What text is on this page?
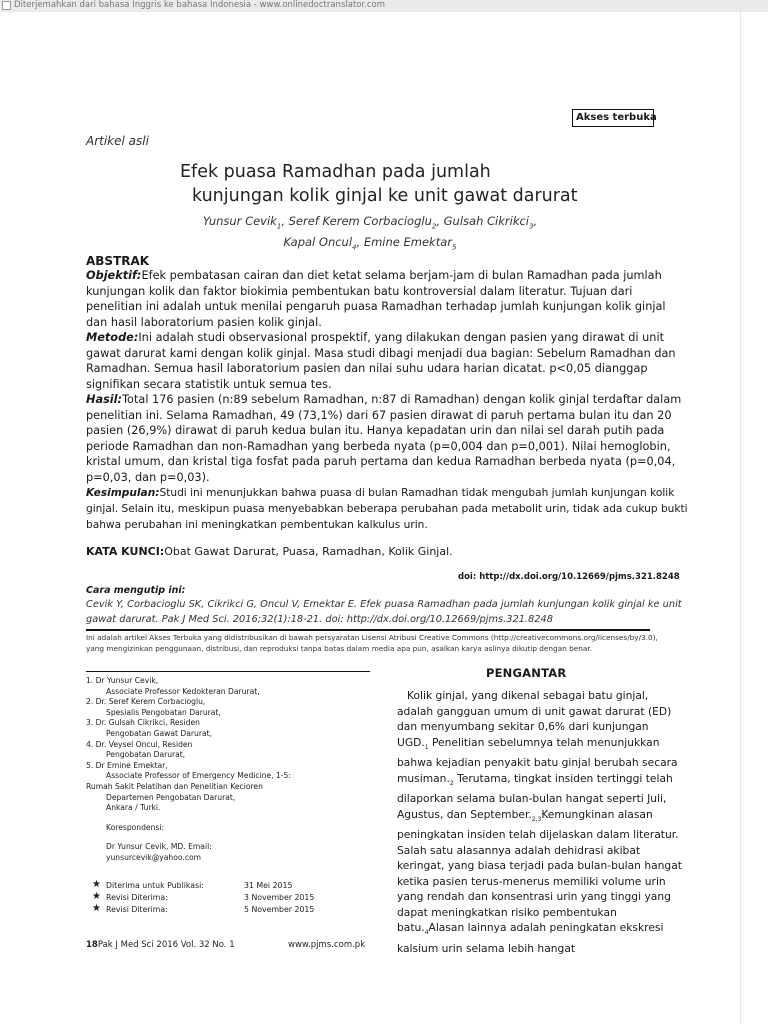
Diterjemahkan dari bahasa Inggris ke bahasa Indonesia - www.onlinedoctranslator.com
Akses terbuka
Artikel asli
Efek puasa Ramadhan pada jumlah
kunjungan kolik ginjal ke unit gawat darurat
Yunsur Cevik$_1$, Seref Kerem Corbacioglu$_2$, Gulsah Cikrikci$_3$,
Kapal Oncul$_4$, Emine Emektar$_5$
ABSTRAK

Objektif:Efek pembatasan cairan dan diet ketat selama berjam-jam di bulan Ramadhan pada jumlah kunjungan kolik dan faktor biokimia pembentukan batu kontroversial dalam literatur. Tujuan dari penelitian ini adalah untuk menilai pengaruh puasa Ramadhan terhadap jumlah kunjungan kolik ginjal dan hasil laboratorium pasien kolik ginjal.

Metode:Ini adalah studi observasional prospektif, yang dilakukan dengan pasien yang dirawat di unit gawat darurat kami dengan kolik ginjal. Masa studi dibagi menjadi dua bagian: Sebelum Ramadhan dan Ramadhan. Semua hasil laboratorium pasien dan nilai suhu udara harian dicatat. p<0,05 dianggap signifikan secara statistik untuk semua tes.

Hasil:Total 176 pasien (n:89 sebelum Ramadhan, n:87 di Ramadhan) dengan kolik ginjal terdaftar dalam penelitian ini. Selama Ramadhan, 49 (73,1%) dari 67 pasien dirawat di paruh pertama bulan itu dan 20 pasien (26,9%) dirawat di paruh kedua bulan itu. Hanya kepadatan urin dan nilai sel darah putih pada periode Ramadhan dan non-Ramadhan yang berbeda nyata (p=0,004 dan p=0,001). Nilai hemoglobin, kristal umum, dan kristal tiga fosfat pada paruh pertama dan kedua Ramadhan berbeda nyata (p=0,04, p=0,03, dan p=0,03).

Kesimpulan:Studi ini menunjukkan bahwa puasa di bulan Ramadhan tidak mengubah jumlah kunjungan kolik ginjal. Selain itu, meskipun puasa menyebabkan beberapa perubahan pada metabolit urin, tidak ada cukup bukti bahwa perubahan ini meningkatkan pembentukan kalkulus urin.

KATA KUNCI:Obat Gawat Darurat, Puasa, Ramadhan, Kolik Ginjal.
doi: http://dx.doi.org/10.12669/pjms.321.8248
Cara mengutip ini:
Cevik Y, Corbacioglu SK, Cikrikci G, Oncul V, Emektar E. Efek puasa Ramadhan pada jumlah kunjungan kolik ginjal ke unit gawat darurat. Pak J Med Sci. 2016;32(1):18-21. doi: http://dx.doi.org/10.12669/pjms.321.8248
Ini adalah artikel Akses Terbuka yang didistribusikan di bawah persyaratan Lisensi Atribusi Creative Commons (http://creativecommons.org/licenses/by/3.0), yang mengizinkan penggunaan, distribusi, dan reproduksi tanpa batas dalam media apa pun, asalkan karya aslinya dikutip dengan benar.
1. Dr Yunsur Cevik,
Associate Professor Kedokteran Darurat,
2. Dr. Seref Kerem Corbacioglu,
Spesialis Pengobatan Darurat,
3. Dr. Gulsah Cikrikci, Residen
Pengobatan Gawat Darurat,
4. Dr. Veysel Oncul, Residen
Pengobatan Darurat,
5. Dr Emine Emektar,
Associate Professor of Emergency Medicine, 1-5:
Rumah Sakit Pelatihan dan Penelitian Kecioren
Departemen Pengobatan Darurat,
Ankara / Turki.
Korespondensi:
Dr Yunsur Cevik, MD. Email:
yunsurcevik@yahoo.com
★ Diterima untuk Publikasi:	31 Mei 2015
★ Revisi Diterima:	3 November 2015
★ Revisi Diterima:	5 November 2015
PENGANTAR

Kolik ginjal, yang dikenal sebagai batu ginjal, adalah gangguan umum di unit gawat darurat (ED) dan menyumbang sekitar 0,6% dari kunjungan $UGD._1$ Penelitian sebelumnya telah menunjukkan bahwa kejadian penyakit batu ginjal berubah secara $musiman._2$ Terutama, tingkat insiden tertinggi telah dilaporkan selama bulan-bulan hangat seperti Juli, Agustus, dan $September._{2,3}Kemungkinan$ alasan peningkatan insiden telah dijelaskan dalam literatur. Salah satu alasannya adalah dehidrasi akibat keringat, yang biasa terjadi pada bulan-bulan hangat ketika pasien terus-menerus memiliki volume urin yang rendah dan konsentrasi urin yang tinggi yang dapat meningkatkan risiko pembentukan $batu._4Alasan$ lainnya adalah peningkatan ekskresi kalsium urin selama lebih hangat

18Pak J Med Sci 2016 Vol. 32 No. 1	www.pjms.com.pk
